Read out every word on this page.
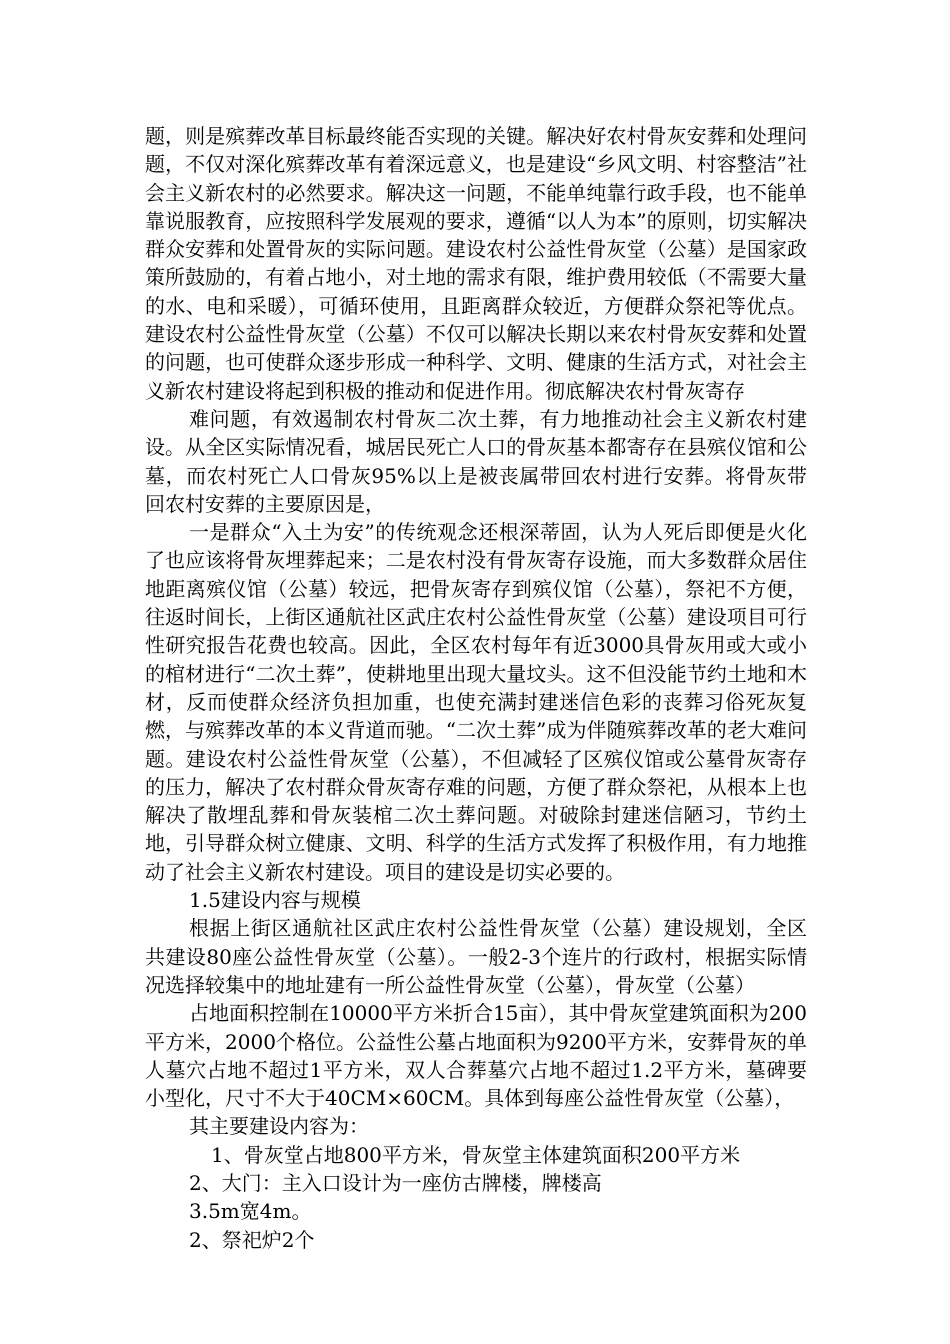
题，则是殡葬改革目标最终能否实现的关键。解决好农村骨灰安葬和处理问题，不仅对深化殡葬改革有着深远意义，也是建设“乡风文明、村容整洁”社会主义新农村的必然要求。解决这一问题，不能单纯靠行政手段，也不能单靠说服教育，应按照科学发展观的要求，遵循“以人为本”的原则，切实解决群众安葬和处置骨灰的实际问题。建设农村公益性骨灰堂（公墓）是国家政策所鼓励的，有着占地小，对土地的需求有限，维护费用较低（不需要大量的水、电和采暖），可循环使用，且距离群众较近，方便群众祭祀等优点。建设农村公益性骨灰堂（公墓）不仅可以解决长期以来农村骨灰安葬和处置的问题，也可使群众逐步形成一种科学、文明、健康的生活方式，对社会主义新农村建设将起到积极的推动和促进作用。彻底解决农村骨灰寄存

难问题，有效遏制农村骨灰二次土葬，有力地推动社会主义新农村建设。从全区实际情况看，城居民死亡人口的骨灰基本都寄存在县殡仪馆和公墓，而农村死亡人口骨灰95%以上是被丧属带回农村进行安葬。将骨灰带回农村安葬的主要原因是，

一是群众“入土为安”的传统观念还根深蒂固，认为人死后即便是火化了也应该将骨灰埋葬起来；二是农村没有骨灰寄存设施，而大多数群众居住地距离殡仪馆（公墓）较远，把骨灰寄存到殡仪馆（公墓），祭祀不方便，往返时间长，上街区通航社区武庄农村公益性骨灰堂（公墓）建设项目可行性研究报告花费也较高。因此，全区农村每年有近3000具骨灰用或大或小的棺材进行“二次土葬”，使耕地里出现大量坟头。这不但没能节约土地和木材，反而使群众经济负担加重，也使充满封建迷信色彩的丧葬习俗死灰复燃，与殡葬改革的本义背道而驰。“二次土葬”成为伴随殡葬改革的老大难问题。建设农村公益性骨灰堂（公墓），不但减轻了区殡仪馆或公墓骨灰寄存的压力，解决了农村群众骨灰寄存难的问题，方便了群众祭祀，从根本上也解决了散埋乱葬和骨灰装棺二次土葬问题。对破除封建迷信陋习，节约土地，引导群众树立健康、文明、科学的生活方式发挥了积极作用，有力地推动了社会主义新农村建设。项目的建设是切实必要的。

1.5建设内容与规模

根据上街区通航社区武庄农村公益性骨灰堂（公墓）建设规划，全区共建设80座公益性骨灰堂（公墓）。一般2-3个连片的行政村，根据实际情况选择较集中的地址建有一所公益性骨灰堂（公墓），骨灰堂（公墓）

占地面积控制在10000平方米折合15亩），其中骨灰堂建筑面积为200平方米，2000个格位。公益性公墓占地面积为9200平方米，安葬骨灰的单人墓穴占地不超过1平方米，双人合葬墓穴占地不超过1.2平方米，墓碑要小型化，尺寸不大于40CM×60CM。具体到每座公益性骨灰堂（公墓），

其主要建设内容为：

1、骨灰堂占地800平方米，骨灰堂主体建筑面积200平方米

2、大门：主入口设计为一座仿古牌楼，牌楼高

3.5m宽4m。

2、祭祀炉2个
